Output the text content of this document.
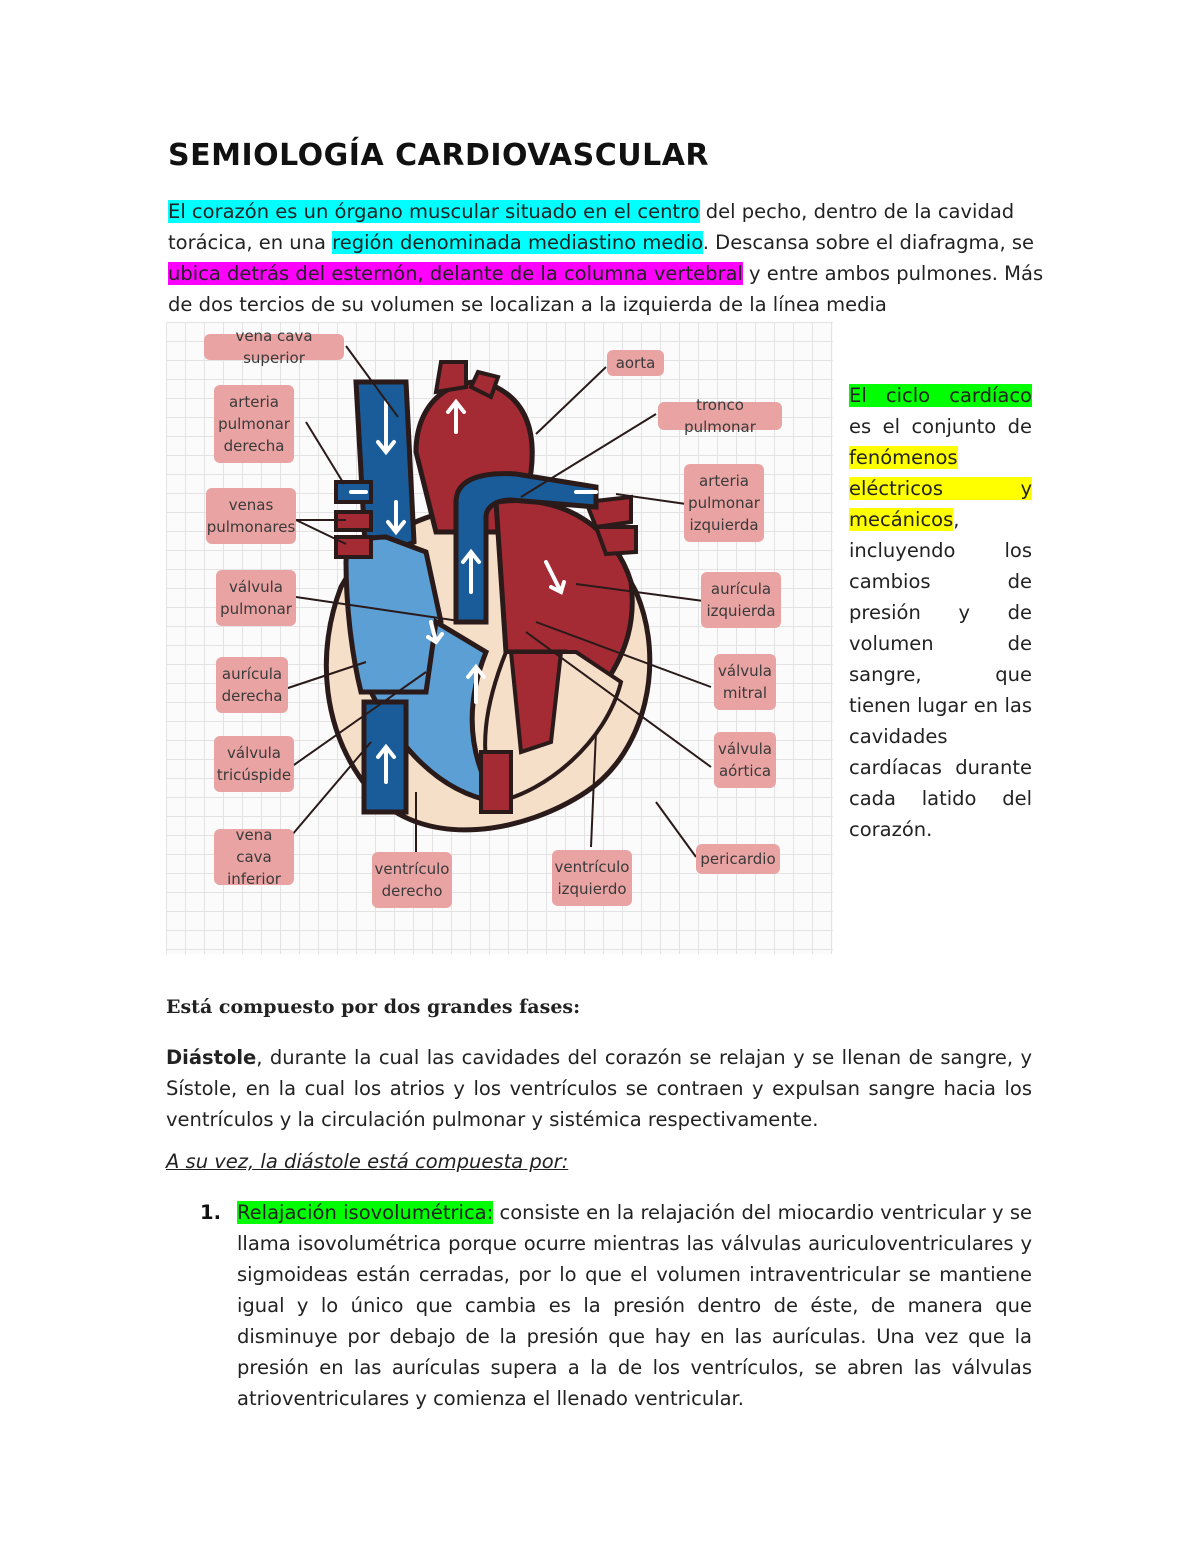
SEMIOLOGÍA CARDIOVASCULAR
El corazón es un órgano muscular situado en el centro del pecho, dentro de la cavidad torácica, en una región denominada mediastino medio. Descansa sobre el diafragma, se ubica detrás del esternón, delante de la columna vertebral y entre ambos pulmones. Más de dos tercios de su volumen se localizan a la izquierda de la línea media
vena cava superior	aorta
arteria
pulmonar
derecha
tronco pulmonar
venas
pulmonares
arteria
pulmonar
izquierda
válvula
pulmonar
aurícula
izquierda
aurícula
derecha
válvula
mitral
válvula
tricúspide
válvula
aórtica
vena cava
inferior
ventrículo
derecho
ventrículo
izquierdo
pericardio
El ciclo cardíaco es el conjunto de fenómenos eléctricos y mecánicos, incluyendo los cambios de presión y de volumen de sangre, que tienen lugar en las cavidades cardíacas durante cada latido del corazón.
Está compuesto por dos grandes fases:
Diástole, durante la cual las cavidades del corazón se relajan y se llenan de sangre, y Sístole, en la cual los atrios y los ventrículos se contraen y expulsan sangre hacia los ventrículos y la circulación pulmonar y sistémica respectivamente.

A su vez, la diástole está compuesta por:

1. Relajación isovolumétrica: consiste en la relajación del miocardio ventricular y se llama isovolumétrica porque ocurre mientras las válvulas auriculoventriculares y sigmoideas están cerradas, por lo que el volumen intraventricular se mantiene igual y lo único que cambia es la presión dentro de éste, de manera que disminuye por debajo de la presión que hay en las aurículas. Una vez que la presión en las aurículas supera a la de los ventrículos, se abren las válvulas atrioventriculares y comienza el llenado ventricular.
